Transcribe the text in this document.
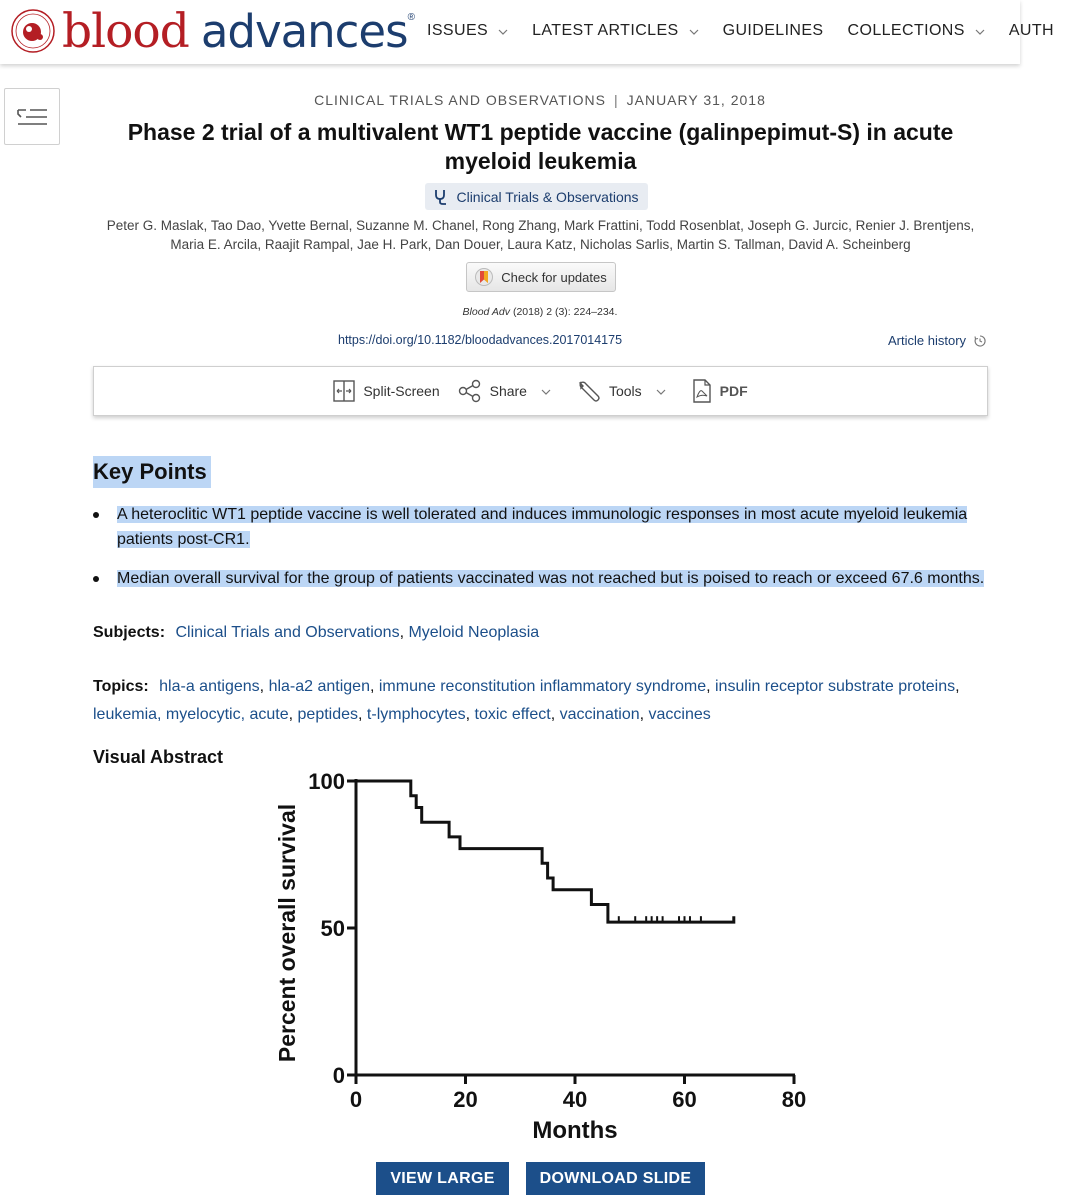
blood advances ®
ISSUES	LATEST ARTICLES	GUIDELINES COLLECTIONS	AUTH
CLINICAL TRIALS AND OBSERVATIONS | JANUARY 31, 2018
Phase 2 trial of a multivalent WT1 peptide vaccine (galinpepimut-S) in acute myeloid leukemia
Clinical Trials & Observations
Peter G. Maslak, Tao Dao, Yvette Bernal, Suzanne M. Chanel, Rong Zhang, Mark Frattini, Todd Rosenblat, Joseph G. Jurcic, Renier J. Brentjens,
Maria E. Arcila, Raajit Rampal, Jae H. Park, Dan Douer, Laura Katz, Nicholas Sarlis, Martin S. Tallman, David A. Scheinberg
Check for updates
Blood Adv (2018) 2 (3): 224–234.
https://doi.org/10.1182/bloodadvances.2017014175	Article history
Split-Screen	Share	Tools	PDF
Key Points
A heteroclitic WT1 peptide vaccine is well tolerated and induces immunologic responses in most acute myeloid leukemia patients post-CR1.
Median overall survival for the group of patients vaccinated was not reached but is poised to reach or exceed 67.6 months.
Subjects: Clinical Trials and Observations, Myeloid Neoplasia
Topics: hla-a antigens, hla-a2 antigen, immune reconstitution inflammatory syndrome, insulin receptor substrate proteins, leukemia, myelocytic, acute, peptides, t-lymphocytes, toxic effect, vaccination, vaccines
Visual Abstract
0	20	40	60	80
0
50
100
Months
Percent overall survival
VIEW LARGE	DOWNLOAD SLIDE
